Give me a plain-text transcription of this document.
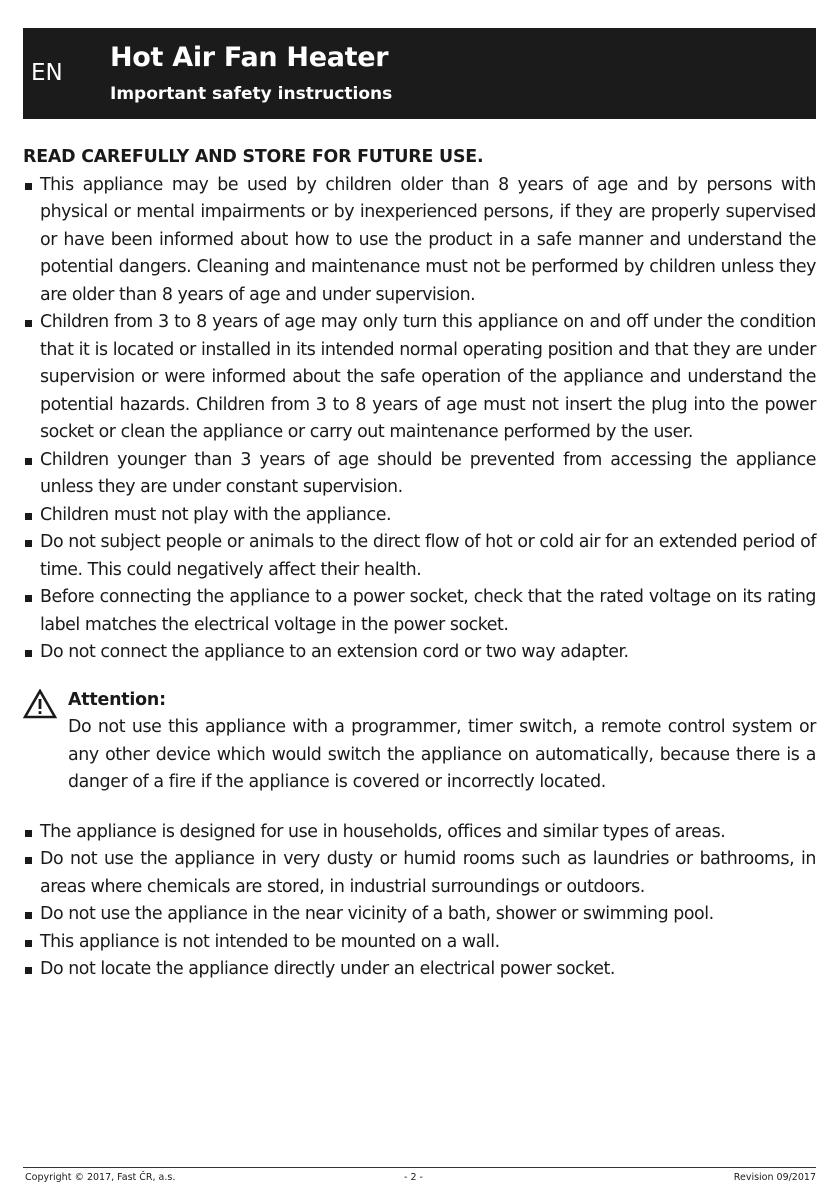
EN Hot Air Fan Heater
Important safety instructions

READ CAREFULLY AND STORE FOR FUTURE USE.

This appliance may be used by children older than 8 years of age and by persons with physical or mental impairments or by inexperienced persons, if they are properly supervised or have been informed about how to use the product in a safe manner and understand the potential dangers. Cleaning and maintenance must not be performed by children unless they are older than 8 years of age and under supervision.
Children from 3 to 8 years of age may only turn this appliance on and off under the condition that it is located or installed in its intended normal operating position and that they are under supervision or were informed about the safe operation of the appliance and understand the potential hazards. Children from 3 to 8 years of age must not insert the plug into the power socket or clean the appliance or carry out maintenance performed by the user.
Children younger than 3 years of age should be prevented from accessing the appliance unless they are under constant supervision.
Children must not play with the appliance.
Do not subject people or animals to the direct flow of hot or cold air for an extended period of time. This could negatively affect their health.
Before connecting the appliance to a power socket, check that the rated voltage on its rating label matches the electrical voltage in the power socket.
Do not connect the appliance to an extension cord or two way adapter.
Attention:
Do not use this appliance with a programmer, timer switch, a remote control system or any other device which would switch the appliance on automatically, because there is a danger of a fire if the appliance is covered or incorrectly located.
The appliance is designed for use in households, offices and similar types of areas.
Do not use the appliance in very dusty or humid rooms such as laundries or bathrooms, in areas where chemicals are stored, in industrial surroundings or outdoors.
Do not use the appliance in the near vicinity of a bath, shower or swimming pool.
This appliance is not intended to be mounted on a wall.
Do not locate the appliance directly under an electrical power socket.
Copyright © 2017, Fast ČR, a.s.	- 2 -	Revision 09/2017
